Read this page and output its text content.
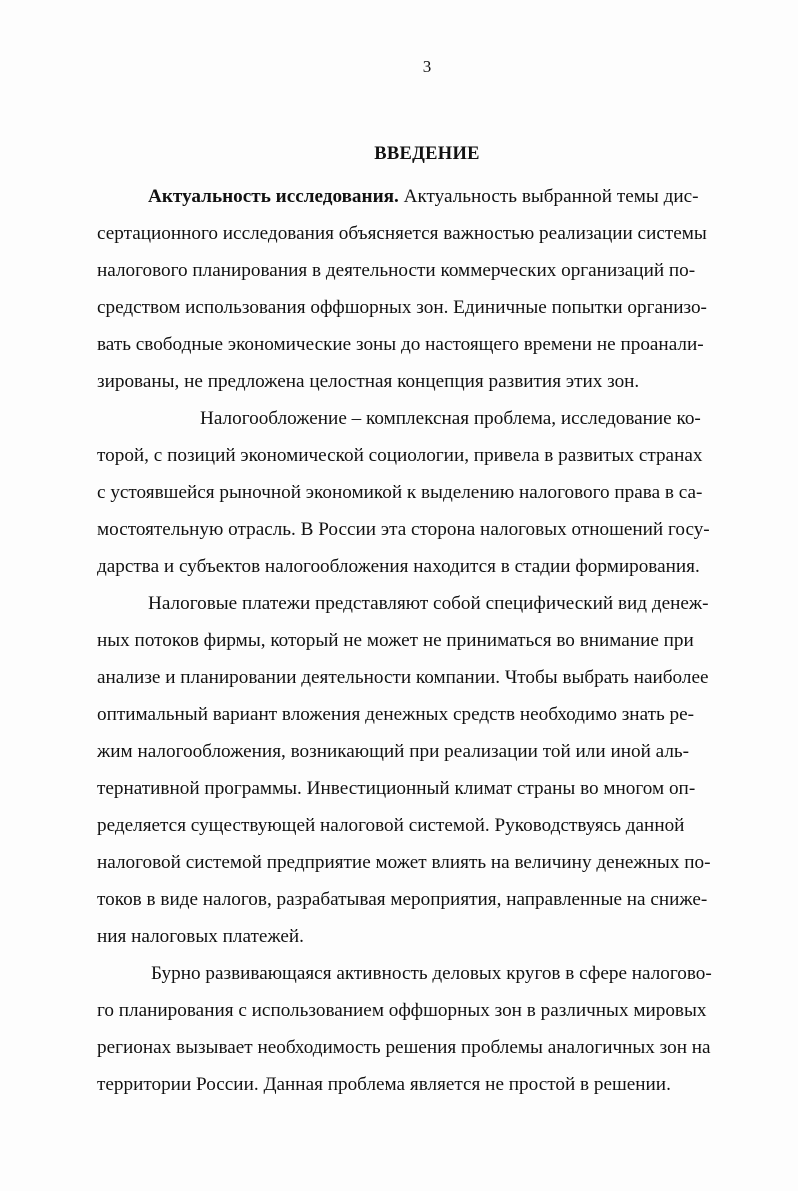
3
ВВЕДЕНИЕ
Актуальность исследования. Актуальность выбранной темы дис-
сертационного исследования объясняется важностью реализации системы
налогового планирования в деятельности коммерческих организаций по-
средством использования оффшорных зон. Единичные попытки организо-
вать свободные экономические зоны до настоящего времени не проанали-
зированы, не предложена целостная концепция развития этих зон.
Налогообложение – комплексная проблема, исследование ко-
торой, с позиций экономической социологии, привела в развитых странах
с устоявшейся рыночной экономикой к выделению налогового права в са-
мостоятельную отрасль. В России эта сторона налоговых отношений госу-
дарства и субъектов налогообложения находится в стадии формирования.
Налоговые платежи представляют собой специфический вид денеж-
ных потоков фирмы, который не может не приниматься во внимание при
анализе и планировании деятельности компании. Чтобы выбрать наиболее
оптимальный вариант вложения денежных средств необходимо знать ре-
жим налогообложения, возникающий при реализации той или иной аль-
тернативной программы. Инвестиционный климат страны во многом оп-
ределяется существующей налоговой системой. Руководствуясь данной
налоговой системой предприятие может влиять на величину денежных по-
токов в виде налогов, разрабатывая мероприятия, направленные на сниже-
ния налоговых платежей.
Бурно развивающаяся активность деловых кругов в сфере налогово-
го планирования с использованием оффшорных зон в различных мировых
регионах вызывает необходимость решения проблемы аналогичных зон на
территории России. Данная проблема является не простой в решении.
